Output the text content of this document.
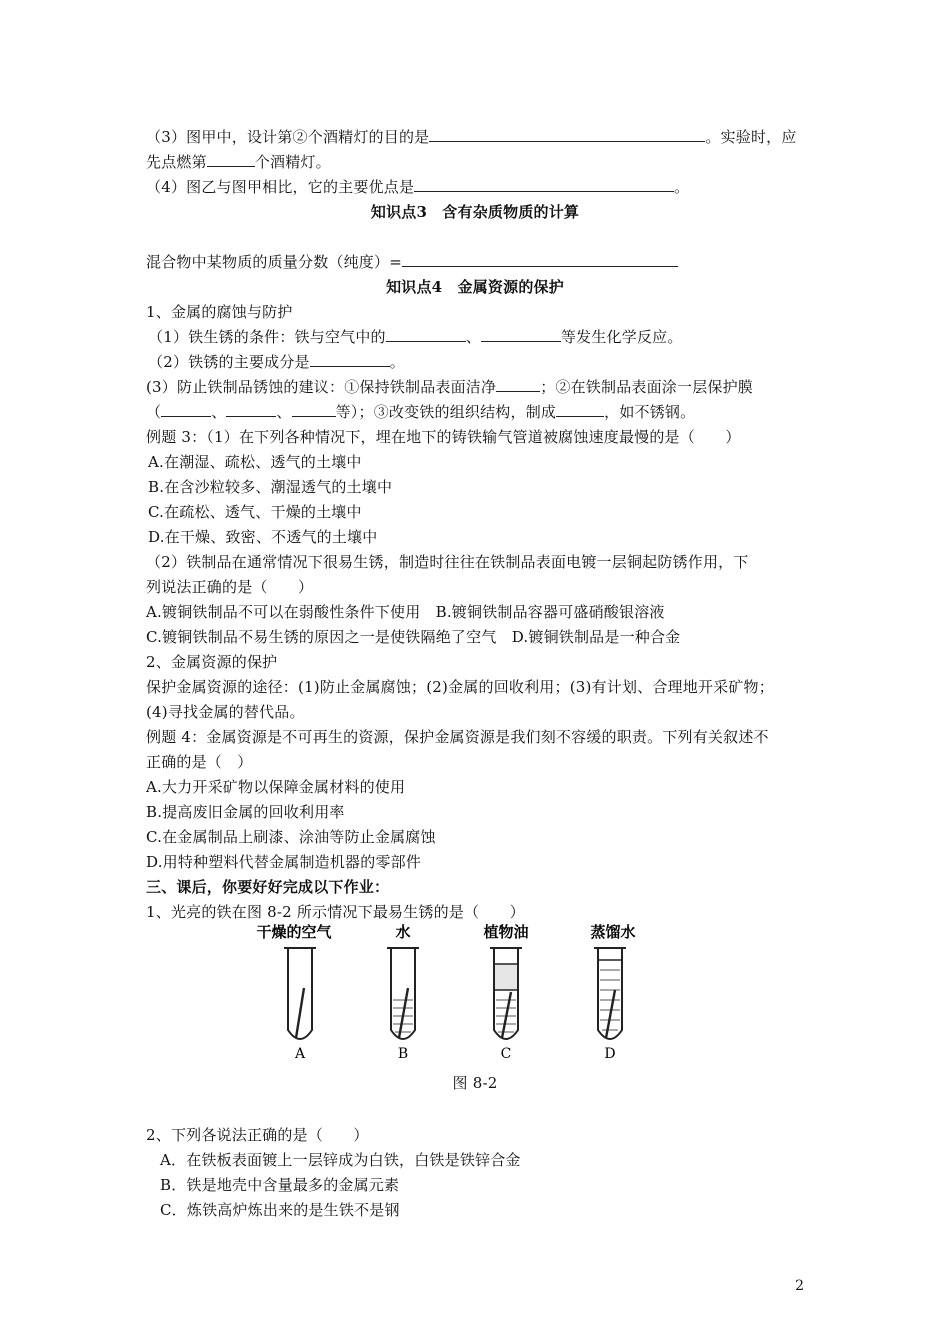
（3）图甲中，设计第②个酒精灯的目的是	。实验时，应
先点燃第	个酒精灯。
（4）图乙与图甲相比，它的主要优点是	。
知识点3　含有杂质物质的计算
混合物中某物质的质量分数（纯度）=
知识点4　金属资源的保护
1、金属的腐蚀与防护
（1）铁生锈的条件：铁与空气中的	、	等发生化学反应。
（2）铁锈的主要成分是	。
(3）防止铁制品锈蚀的建议：①保持铁制品表面洁净	；②在铁制品表面涂一层保护膜
（	、	、	等）；③改变铁的组织结构，制成	，如不锈钢。
例题 3：（1）在下列各种情况下，埋在地下的铸铁输气管道被腐蚀速度最慢的是（　　）
A.在潮湿、疏松、透气的土壤中
B.在含沙粒较多、潮湿透气的土壤中
C.在疏松、透气、干燥的土壤中
D.在干燥、致密、不透气的土壤中
（2）铁制品在通常情况下很易生锈，制造时往往在铁制品表面电镀一层铜起防锈作用，下
列说法正确的是（　　）
A.镀铜铁制品不可以在弱酸性条件下使用　B.镀铜铁制品容器可盛硝酸银溶液
C.镀铜铁制品不易生锈的原因之一是使铁隔绝了空气　D.镀铜铁制品是一种合金
2、金属资源的保护
保护金属资源的途径：(1)防止金属腐蚀；(2)金属的回收利用；(3)有计划、合理地开采矿物；
(4)寻找金属的替代品。
例题 4：金属资源是不可再生的资源，保护金属资源是我们刻不容缓的职责。下列有关叙述不
正确的是（　）
A.大力开采矿物以保障金属材料的使用
B.提高废旧金属的回收利用率
C.在金属制品上刷漆、涂油等防止金属腐蚀
D.用特种塑料代替金属制造机器的零部件
三、课后，你要好好完成以下作业：
1、光亮的铁在图 8-2 所示情况下最易生锈的是（　　）
干燥的空气
A
水
B
植物油
C
蒸馏水
D
图 8-2
2、下列各说法正确的是（　　）
A．在铁板表面镀上一层锌成为白铁，白铁是铁锌合金
B．铁是地壳中含量最多的金属元素
C．炼铁高炉炼出来的是生铁不是钢
2
